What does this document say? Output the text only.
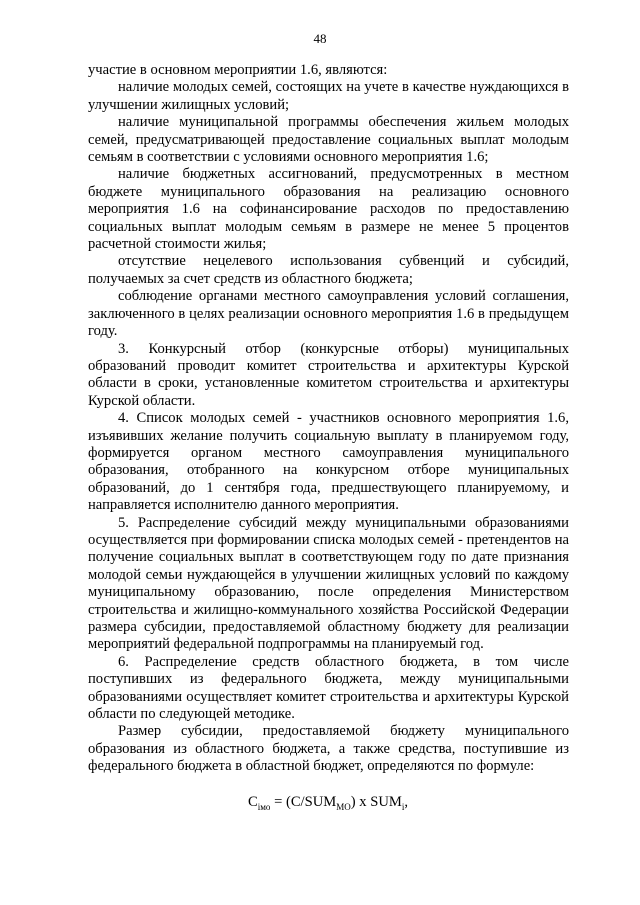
48

участие в основном мероприятии 1.6, являются:

наличие молодых семей, состоящих на учете в качестве нуждающихся в улучшении жилищных условий;

наличие муниципальной программы обеспечения жильем молодых семей, предусматривающей предоставление социальных выплат молодым семьям в соответствии с условиями основного мероприятия 1.6;

наличие бюджетных ассигнований, предусмотренных в местном бюджете муниципального образования на реализацию основного мероприятия 1.6 на софинансирование расходов по предоставлению социальных выплат молодым семьям в размере не менее 5 процентов расчетной стоимости жилья;

отсутствие нецелевого использования субвенций и субсидий, получаемых за счет средств из областного бюджета;

соблюдение органами местного самоуправления условий соглашения, заключенного в целях реализации основного мероприятия 1.6 в предыдущем году.

3. Конкурсный отбор (конкурсные отборы) муниципальных образований проводит комитет строительства и архитектуры Курской области в сроки, установленные комитетом строительства и архитектуры Курской области.

4. Список молодых семей - участников основного мероприятия 1.6, изъявивших желание получить социальную выплату в планируемом году, формируется органом местного самоуправления муниципального образования, отобранного на конкурсном отборе муниципальных образований, до 1 сентября года, предшествующего планируемому, и направляется исполнителю данного мероприятия.

5. Распределение субсидий между муниципальными образованиями осуществляется при формировании списка молодых семей - претендентов на получение социальных выплат в соответствующем году по дате признания молодой семьи нуждающейся в улучшении жилищных условий по каждому муниципальному образованию, после определения Министерством строительства и жилищно-коммунального хозяйства Российской Федерации размера субсидии, предоставляемой областному бюджету для реализации мероприятий федеральной подпрограммы на планируемый год.

6. Распределение средств областного бюджета, в том числе поступивших из федерального бюджета, между муниципальными образованиями осуществляет комитет строительства и архитектуры Курской области по следующей методике.

Размер субсидии, предоставляемой бюджету муниципального образования из областного бюджета, а также средства, поступившие из федерального бюджета в областной бюджет, определяются по формуле:

$C_{iмо} = (C/SUM_{МО})$ x $SUM_i$,
